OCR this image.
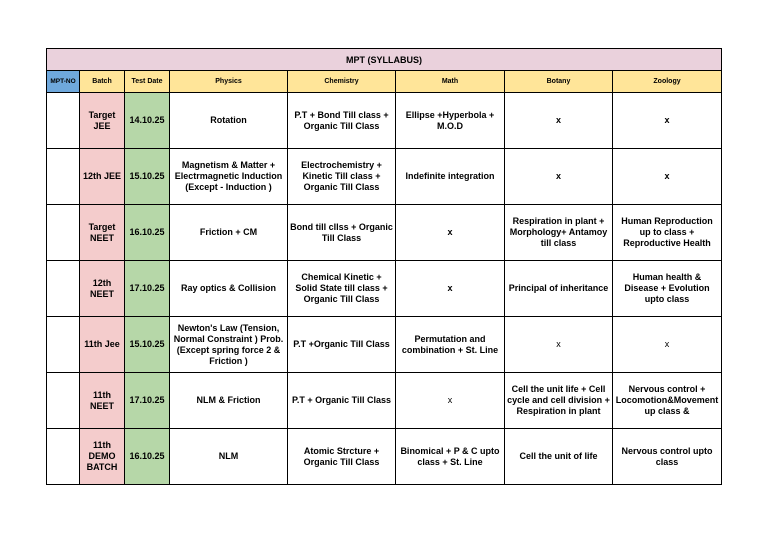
MPT (SYLLABUS)							
MPT-NO	Batch	Test Date	Physics	Chemistry	Math	Botany	Zoology
	Target JEE	14.10.25	Rotation	P.T + Bond Till class + Organic Till Class	Ellipse +Hyperbola + M.O.D	x	x
	12th JEE	15.10.25	Magnetism & Matter + Electrmagnetic Induction (Except - Induction )	Electrochemistry + Kinetic Till class + Organic Till Class	Indefinite integration	x	x
	Target NEET	16.10.25	Friction + CM	Bond till cllss + Organic Till Class	x	Respiration in plant + Morphology+ Antamoy till class	Human Reproduction up to class + Reproductive Health
	12th NEET	17.10.25	Ray optics & Collision	Chemical Kinetic + Solid State till class + Organic Till Class	x	Principal of inheritance	Human health & Disease + Evolution upto class
	11th Jee	15.10.25	Newton's Law (Tension, Normal Constraint ) Prob. (Except spring force 2 & Friction )	P.T +Organic Till Class	Permutation and combination + St. Line	x	x
	11th NEET	17.10.25	NLM & Friction	P.T + Organic Till Class	x	Cell the unit life + Cell cycle and cell division + Respiration in plant	Nervous control + Locomotion&Movement up class &
	11th DEMO BATCH	16.10.25	NLM	Atomic Strcture + Organic Till Class	Binomical + P & C upto class + St. Line	Cell the unit of life	Nervous control upto class
